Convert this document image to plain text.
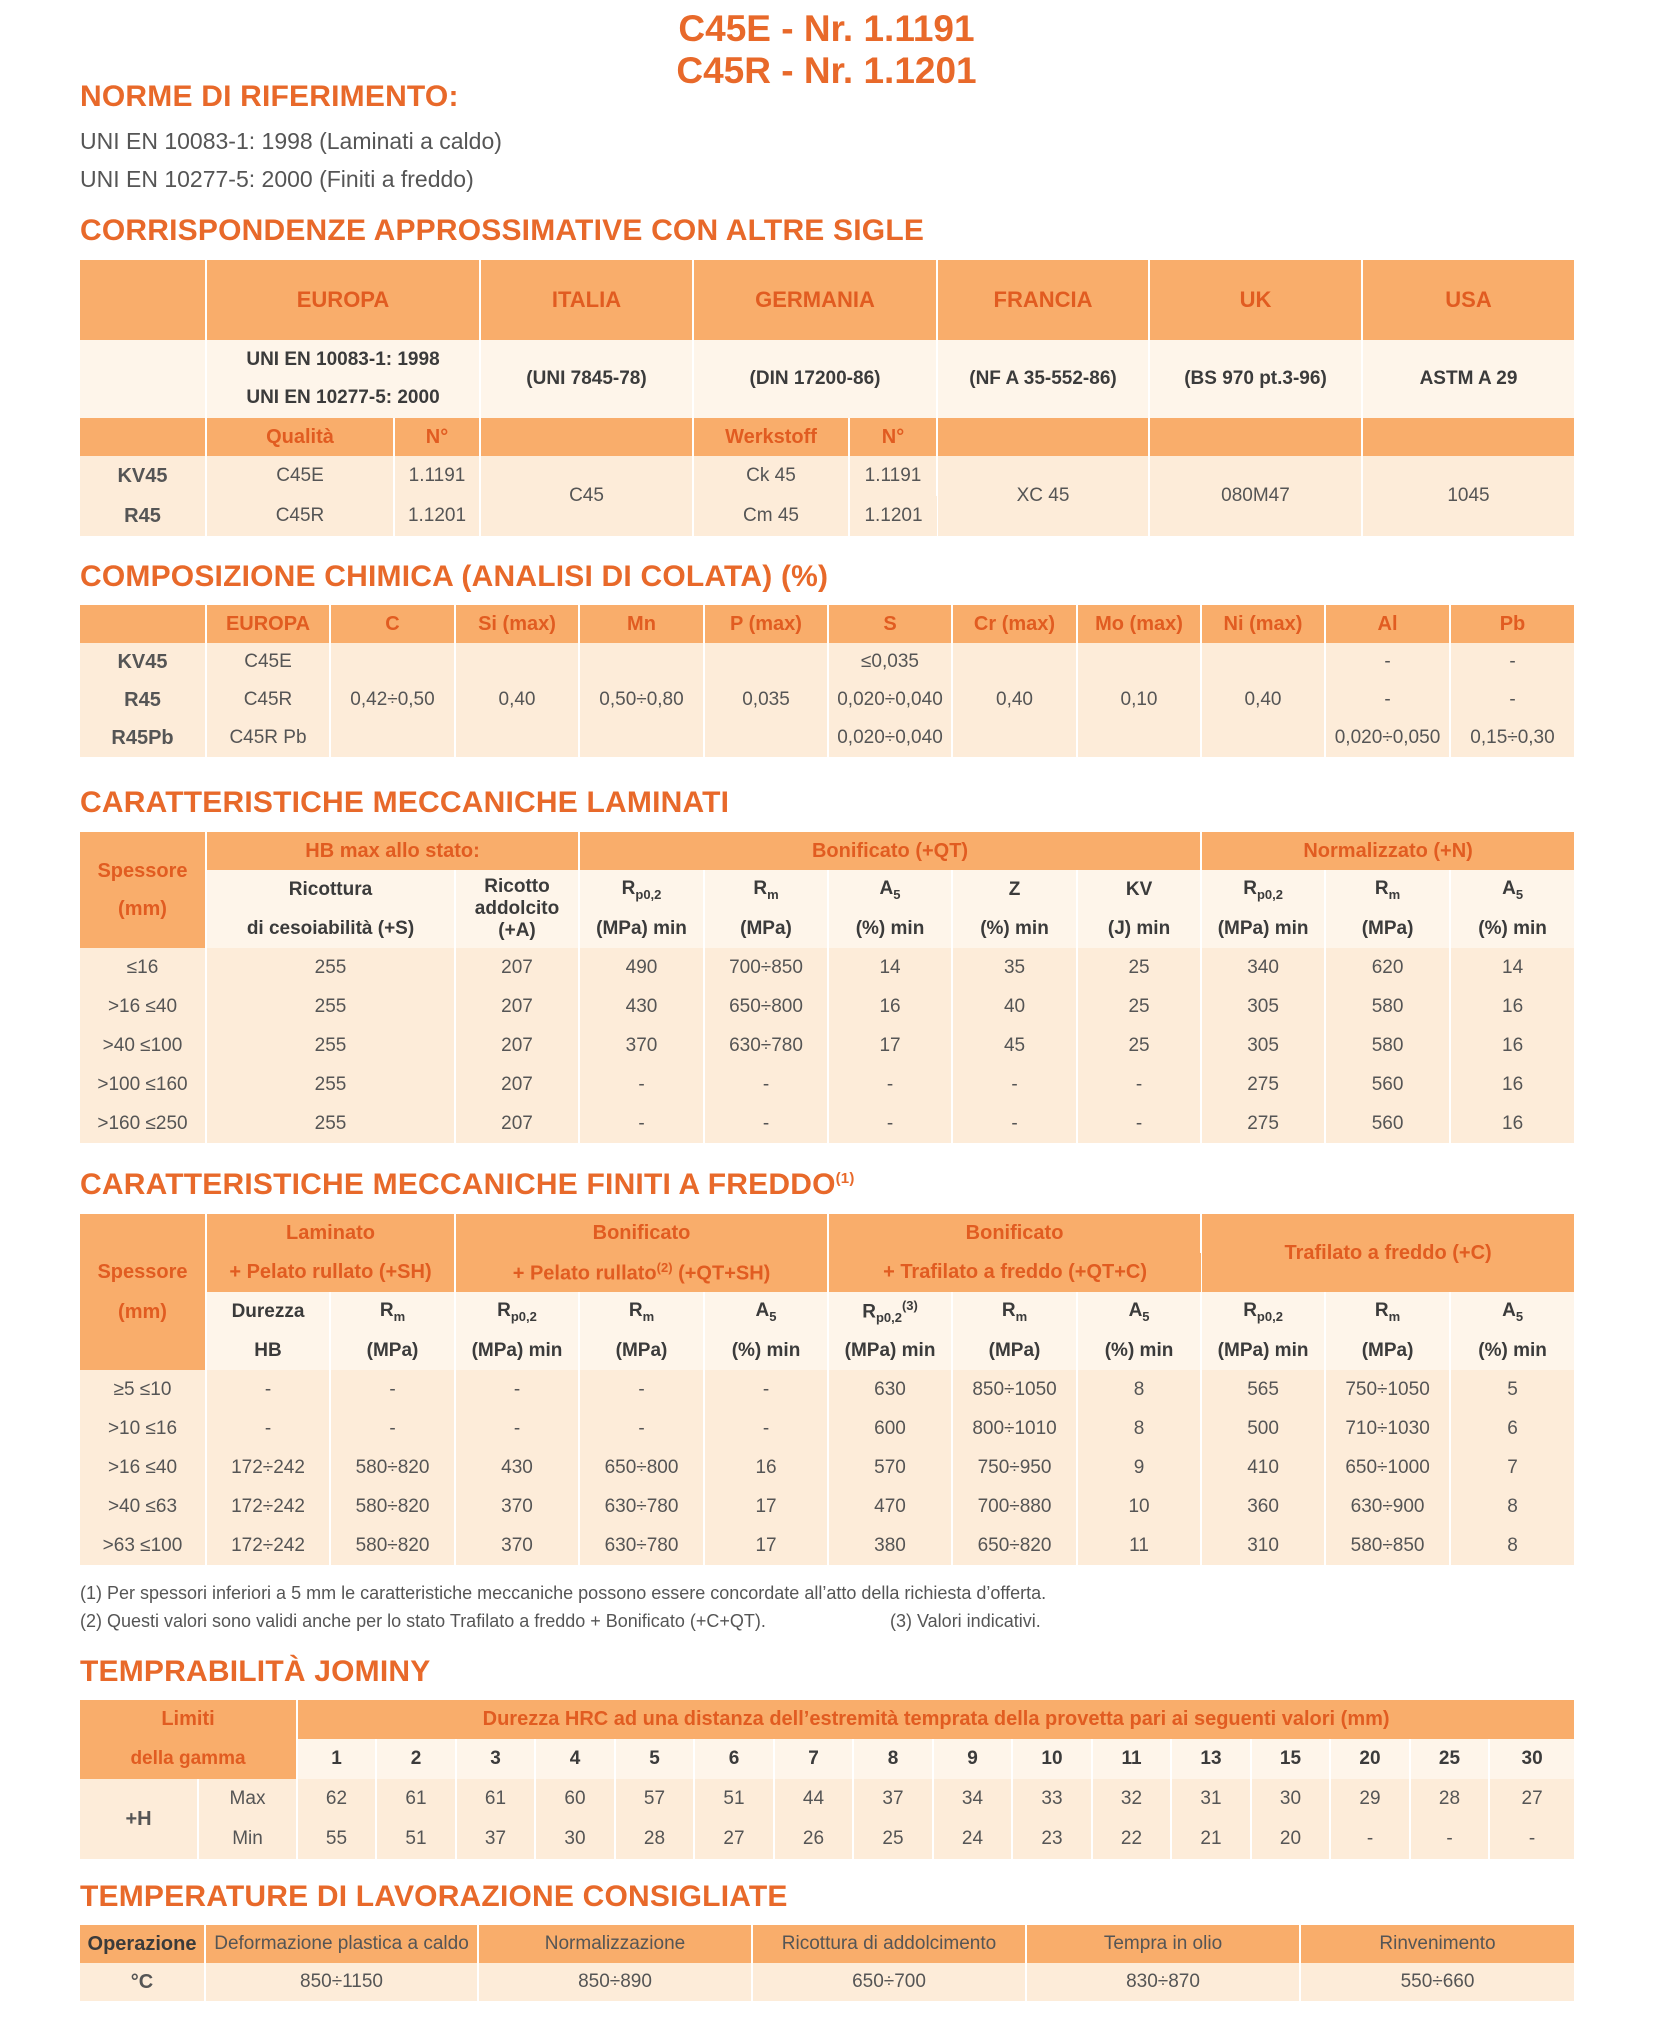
C45E - Nr. 1.1191
C45R - Nr. 1.1201
NORME DI RIFERIMENTO:
UNI EN 10083-1: 1998 (Laminati a caldo)
UNI EN 10277-5: 2000 (Finiti a freddo)
CORRISPONDENZE APPROSSIMATIVE CON ALTRE SIGLE
	EUROPA		ITALIA	GERMANIA		FRANCIA	UK	USA

	UNI EN 10083-1: 1998
UNI EN 10277-5: 2000		(UNI 7845-78)	(DIN 17200-86)		(NF A 35-552-86)	(BS 970 pt.3-96)	ASTM A 29
	Qualità	N°		Werkstoff	N°			
KV45	C45E	1.1191	C45	Ck 45	1.1191	XC 45	080M47	1045
R45	C45R	1.1201		Cm 45	1.1201			
COMPOSIZIONE CHIMICA (ANALISI DI COLATA) (%)
	EUROPA	C	Si (max)	Mn	P (max)	S	Cr (max)	Mo (max)	Ni (max)	Al	Pb
KV45	C45E	0,42÷0,50	0,40	0,50÷0,80	0,035	≤0,035	0,40	0,10	0,40	-	-
R45	C45R					0,020÷0,040				-	-
R45Pb	C45R Pb					0,020÷0,040				0,020÷0,050	0,15÷0,30
CARATTERISTICHE MECCANICHE LAMINATI
Spessore
(mm)	HB max allo stato:		Bonificato (+QT)					Normalizzato (+N)		
	Ricottura	Ricotto
addolcito
(+A)	$R_{p0,2}$	$R_m$	$A_5$	Z	KV	$R_{p0,2}$	$R_m$	$A_5$
	di cesoiabilità (+S)		(MPa) min	(MPa)	(%) min	(%) min	(J) min	(MPa) min	(MPa)	(%) min
≤16	255	207	490	700÷850	14	35	25	340	620	14
>16 ≤40	255	207	430	650÷800	16	40	25	305	580	16
>40 ≤100	255	207	370	630÷780	17	45	25	305	580	16
>100 ≤160	255	207	-	-	-	-	-	275	560	16
>160 ≤250	255	207	-	-	-	-	-	275	560	16
CARATTERISTICHE MECCANICHE FINITI A FREDDO$^{(1)}$
Spessore
(mm)	Laminato		Bonificato			Bonificato			Trafilato a freddo (+C)		
	+ Pelato rullato (+SH)		+ Pelato rullato$^{(2)}$ (+QT+SH)			+ Trafilato a freddo (+QT+C)					
	Durezza	$R_m$	$R_{p0,2}$	$R_m$	$A_5$	$R_{p0,2}^{(3)}$	$R_m$	$A_5$	$R_{p0,2}$	$R_m$	$A_5$
	HB	(MPa)	(MPa) min	(MPa)	(%) min	(MPa) min	(MPa)	(%) min	(MPa) min	(MPa)	(%) min
≥5 ≤10	-	-	-	-	-	630	850÷1050	8	565	750÷1050	5
>10 ≤16	-	-	-	-	-	600	800÷1010	8	500	710÷1030	6
>16 ≤40	172÷242	580÷820	430	650÷800	16	570	750÷950	9	410	650÷1000	7
>40 ≤63	172÷242	580÷820	370	630÷780	17	470	700÷880	10	360	630÷900	8
>63 ≤100	172÷242	580÷820	370	630÷780	17	380	650÷820	11	310	580÷850	8
(1) Per spessori inferiori a 5 mm le caratteristiche meccaniche possono essere concordate all’atto della richiesta d’offerta.
(2) Questi valori sono validi anche per lo stato Trafilato a freddo + Bonificato (+C+QT).	(3) Valori indicativi.
TEMPRABILITÀ JOMINY
Limiti		Durezza HRC ad una distanza dell’estremità temprata della provetta pari ai seguenti valori (mm)															
della gamma		1	2	3	4	5	6	7	8	9	10	11	13	15	20	25	30
+H	Max	62	61	61	60	57	51	44	37	34	33	32	31	30	29	28	27
	Min	55	51	37	30	28	27	26	25	24	23	22	21	20	-	-	-
TEMPERATURE DI LAVORAZIONE CONSIGLIATE
Operazione	Deformazione plastica a caldo	Normalizzazione	Ricottura di addolcimento	Tempra in olio	Rinvenimento
°C	850÷1150	850÷890	650÷700	830÷870	550÷660
